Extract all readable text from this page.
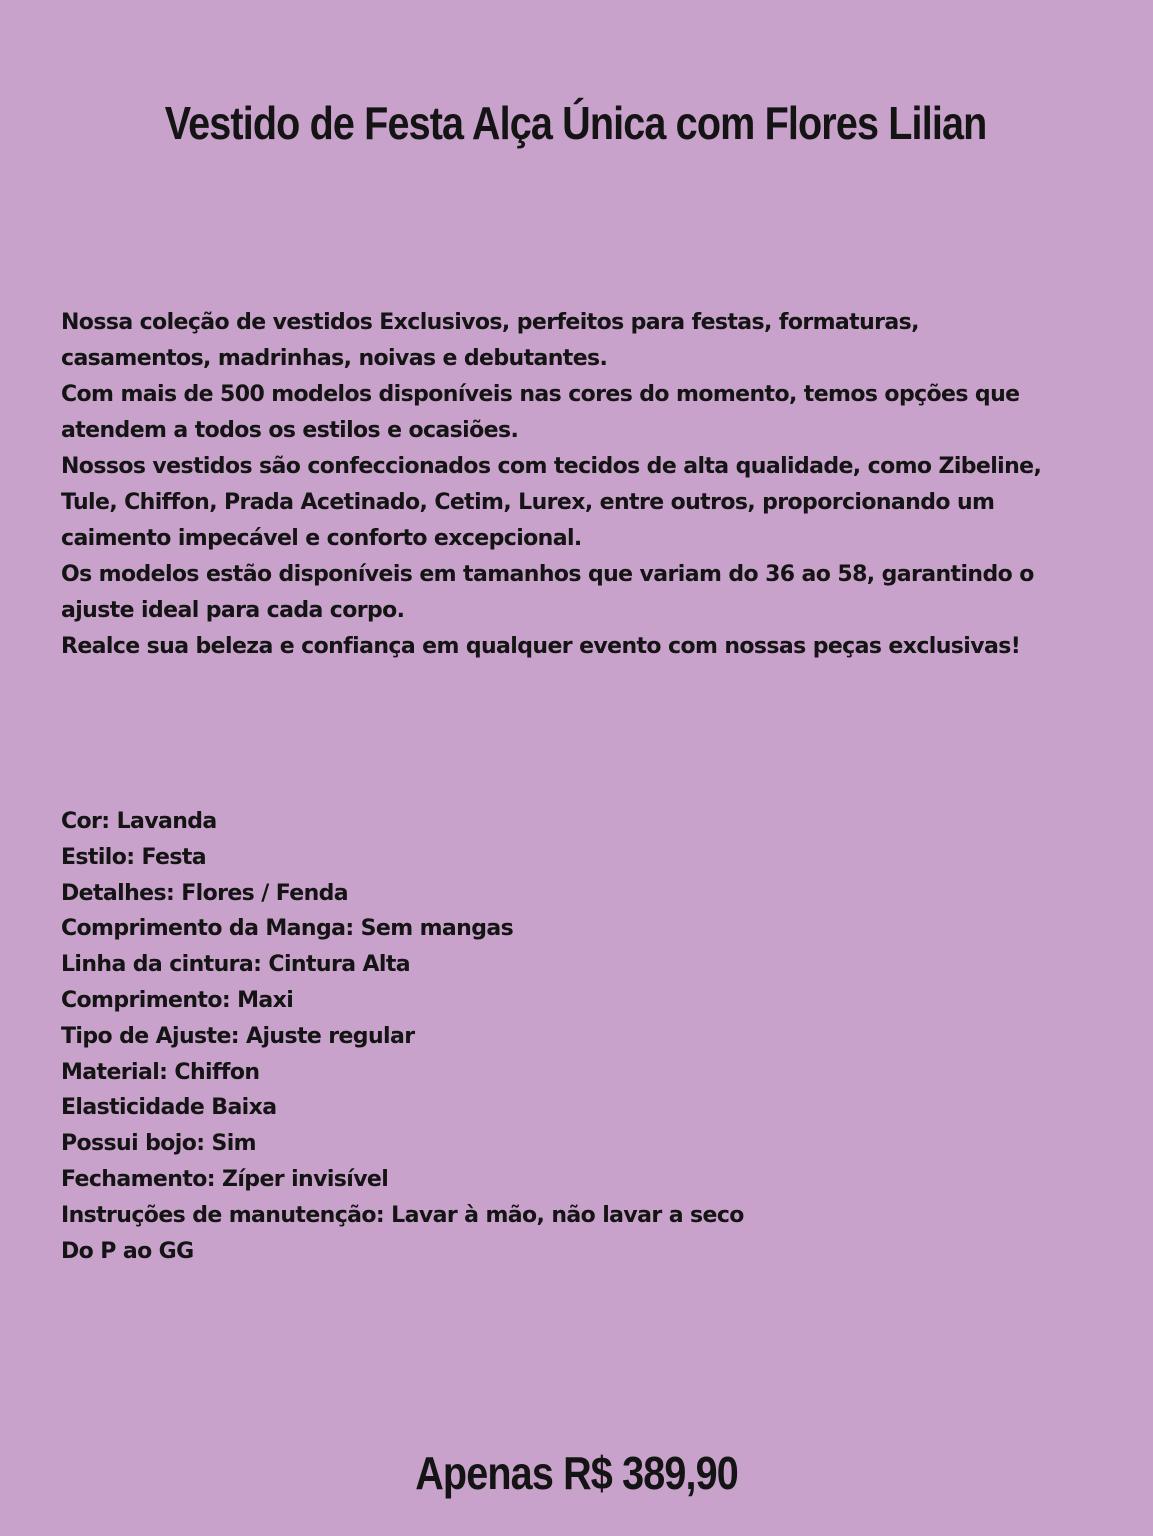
Vestido de Festa Alça Única com Flores Lilian

Nossa coleção de vestidos Exclusivos, perfeitos para festas, formaturas, casamentos, madrinhas, noivas e debutantes.

Com mais de 500 modelos disponíveis nas cores do momento, temos opções que atendem a todos os estilos e ocasiões.

Nossos vestidos são confeccionados com tecidos de alta qualidade, como Zibeline, Tule, Chiffon, Prada Acetinado, Cetim, Lurex, entre outros, proporcionando um caimento impecável e conforto excepcional.

Os modelos estão disponíveis em tamanhos que variam do 36 ao 58, garantindo o ajuste ideal para cada corpo.

Realce sua beleza e confiança em qualquer evento com nossas peças exclusivas!

Cor: Lavanda
Estilo: Festa
Detalhes: Flores / Fenda
Comprimento da Manga: Sem mangas
Linha da cintura: Cintura Alta
Comprimento: Maxi
Tipo de Ajuste: Ajuste regular
Material: Chiffon
Elasticidade Baixa
Possui bojo: Sim
Fechamento: Zíper invisível
Instruções de manutenção: Lavar à mão, não lavar a seco
Do P ao GG
Apenas R$ 389,90
